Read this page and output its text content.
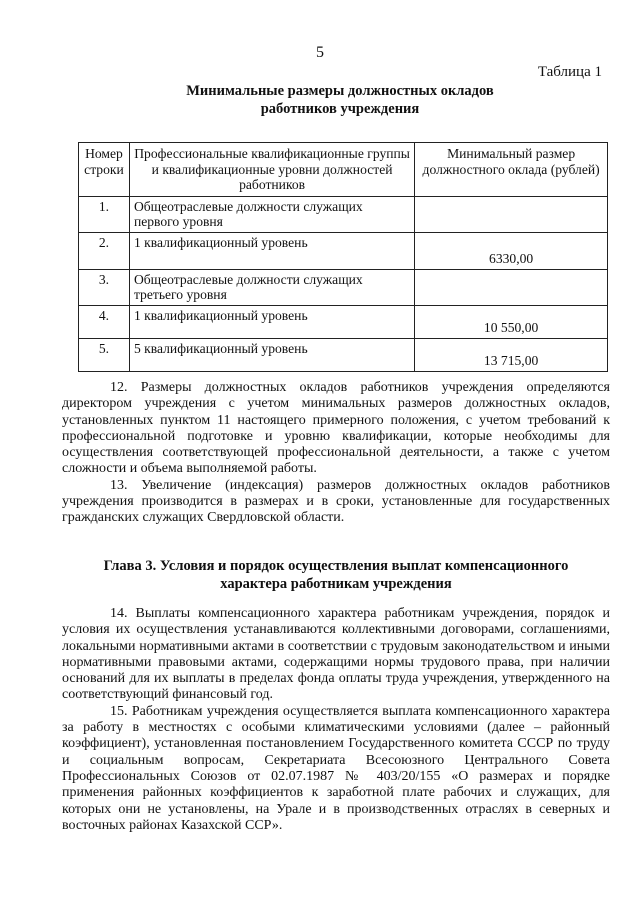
5
Таблица 1
Минимальные размеры должностных окладов
работников учреждения
Номер строки	Профессиональные квалификационные группы и квалификационные уровни должностей работников	Минимальный размер должностного оклада (рублей)
1.	Общеотраслевые должности служащих первого уровня	
2.	1 квалификационный уровень	6330,00
3.	Общеотраслевые должности служащих третьего уровня	
4.	1 квалификационный уровень	10 550,00
5.	5 квалификационный уровень	13 715,00

12. Размеры должностных окладов работников учреждения определяются директором учреждения с учетом минимальных размеров должностных окладов, установленных пунктом 11 настоящего примерного положения, с учетом требований к профессиональной подготовке и уровню квалификации, которые необходимы для осуществления соответствующей профессиональной деятельности, а также с учетом сложности и объема выполняемой работы.

13. Увеличение (индексация) размеров должностных окладов работников учреждения производится в размерах и в сроки, установленные для государственных гражданских служащих Свердловской области.

Глава 3. Условия и порядок осуществления выплат компенсационного
характера работникам учреждения

14. Выплаты компенсационного характера работникам учреждения, порядок и условия их осуществления устанавливаются коллективными договорами, соглашениями, локальными нормативными актами в соответствии с трудовым законодательством и иными нормативными правовыми актами, содержащими нормы трудового права, при наличии оснований для их выплаты в пределах фонда оплаты труда учреждения, утвержденного на соответствующий финансовый год.

15. Работникам учреждения осуществляется выплата компенсационного характера за работу в местностях с особыми климатическими условиями (далее – районный коэффициент), установленная постановлением Государственного комитета СССР по труду и социальным вопросам, Секретариата Всесоюзного Центрального Совета Профессиональных Союзов от 02.07.1987 № 403/20/155 «О размерах и порядке применения районных коэффициентов к заработной плате рабочих и служащих, для которых они не установлены, на Урале и в производственных отраслях в северных и восточных районах Казахской ССР».
